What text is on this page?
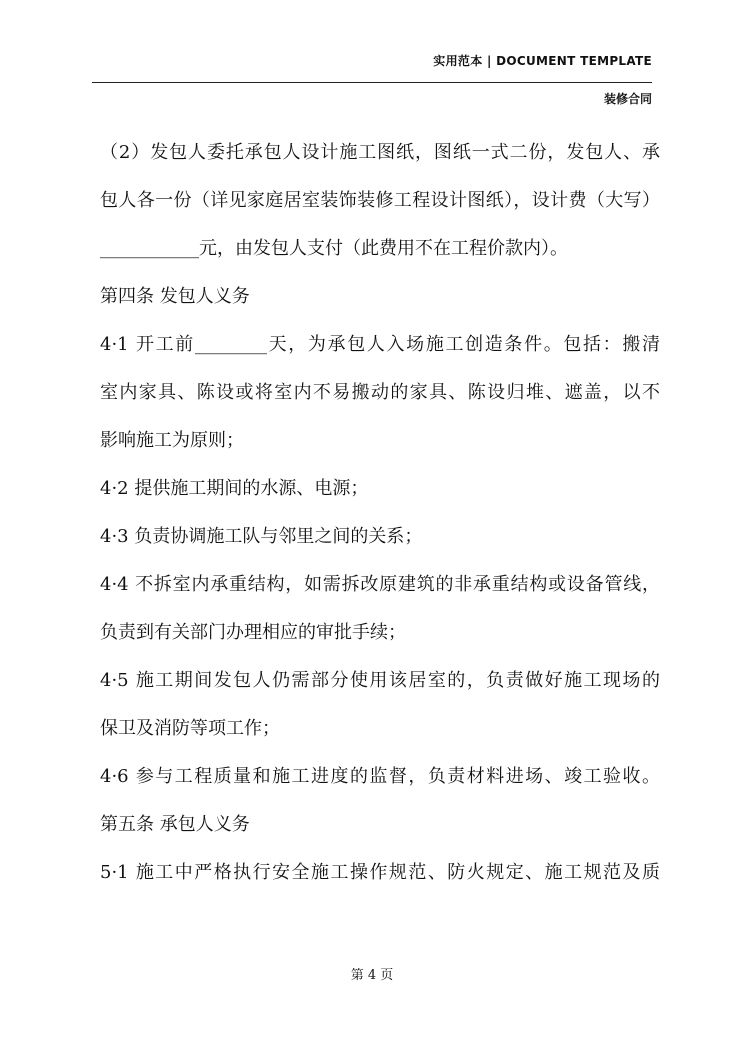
实用范本 | DOCUMENT TEMPLATE
装修合同
（2）发包人委托承包人设计施工图纸，图纸一式二份，发包人、承
包人各一份（详见家庭居室装饰装修工程设计图纸），设计费（大写）
___________元，由发包人支付（此费用不在工程价款内）。
第四条 发包人义务
4·1 开工前________天，为承包人入场施工创造条件。包括：搬清
室内家具、陈设或将室内不易搬动的家具、陈设归堆、遮盖，以不
影响施工为原则；
4·2 提供施工期间的水源、电源；
4·3 负责协调施工队与邻里之间的关系；
4·4 不拆室内承重结构，如需拆改原建筑的非承重结构或设备管线，
负责到有关部门办理相应的审批手续；
4·5 施工期间发包人仍需部分使用该居室的，负责做好施工现场的
保卫及消防等项工作；
4·6 参与工程质量和施工进度的监督，负责材料进场、竣工验收。
第五条 承包人义务
5·1 施工中严格执行安全施工操作规范、防火规定、施工规范及质
第 4 页
